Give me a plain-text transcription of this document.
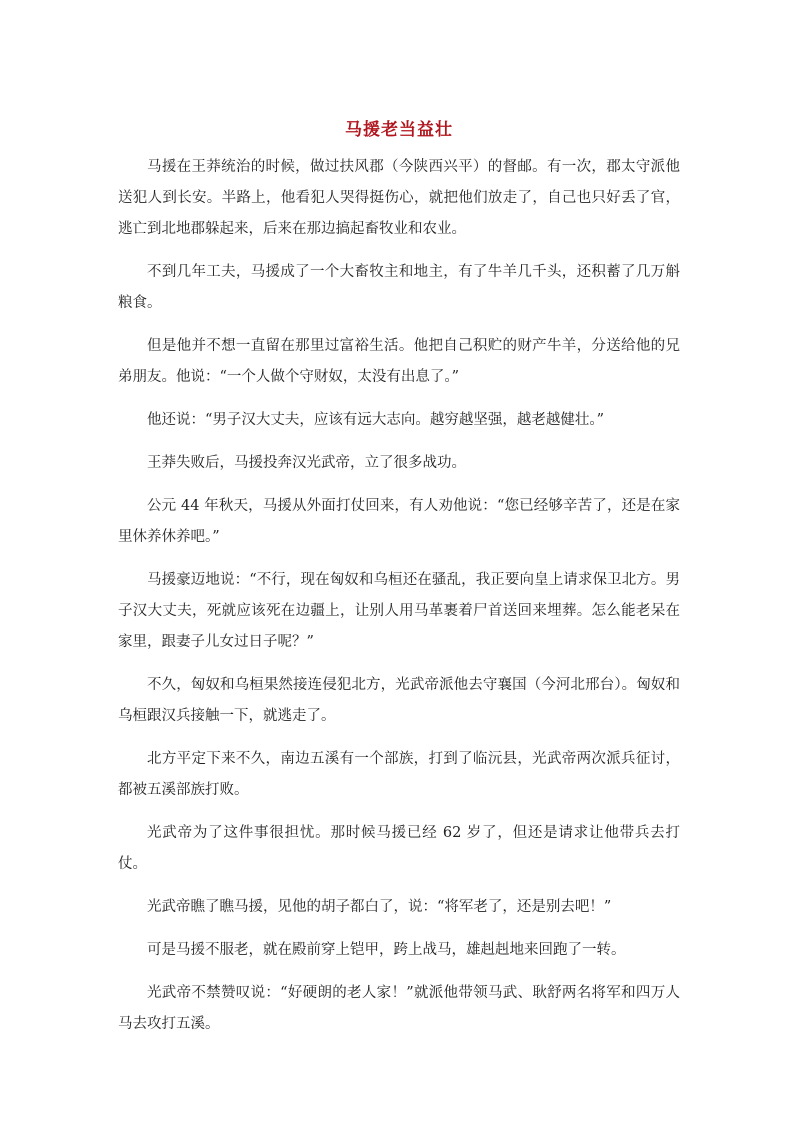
马援老当益壮

马援在王莽统治的时候，做过扶风郡（今陕西兴平）的督邮。有一次，郡太守派他送犯人到长安。半路上，他看犯人哭得挺伤心，就把他们放走了，自己也只好丢了官，逃亡到北地郡躲起来，后来在那边搞起畜牧业和农业。

不到几年工夫，马援成了一个大畜牧主和地主，有了牛羊几千头，还积蓄了几万斛粮食。

但是他并不想一直留在那里过富裕生活。他把自己积贮的财产牛羊，分送给他的兄弟朋友。他说：“一个人做个守财奴，太没有出息了。”

他还说：“男子汉大丈夫，应该有远大志向。越穷越坚强，越老越健壮。”

王莽失败后，马援投奔汉光武帝，立了很多战功。

公元 44 年秋天，马援从外面打仗回来，有人劝他说：“您已经够辛苦了，还是在家里休养休养吧。”

马援豪迈地说：“不行，现在匈奴和乌桓还在骚乱，我正要向皇上请求保卫北方。男子汉大丈夫，死就应该死在边疆上，让别人用马革裹着尸首送回来埋葬。怎么能老呆在家里，跟妻子儿女过日子呢？”

不久，匈奴和乌桓果然接连侵犯北方，光武帝派他去守襄国（今河北邢台）。匈奴和乌桓跟汉兵接触一下，就逃走了。

北方平定下来不久，南边五溪有一个部族，打到了临沅县，光武帝两次派兵征讨，都被五溪部族打败。

光武帝为了这件事很担忧。那时候马援已经 62 岁了，但还是请求让他带兵去打仗。

光武帝瞧了瞧马援，见他的胡子都白了，说：“将军老了，还是别去吧！”

可是马援不服老，就在殿前穿上铠甲，跨上战马，雄赳赳地来回跑了一转。

光武帝不禁赞叹说：“好硬朗的老人家！”就派他带领马武、耿舒两名将军和四万人马去攻打五溪。
